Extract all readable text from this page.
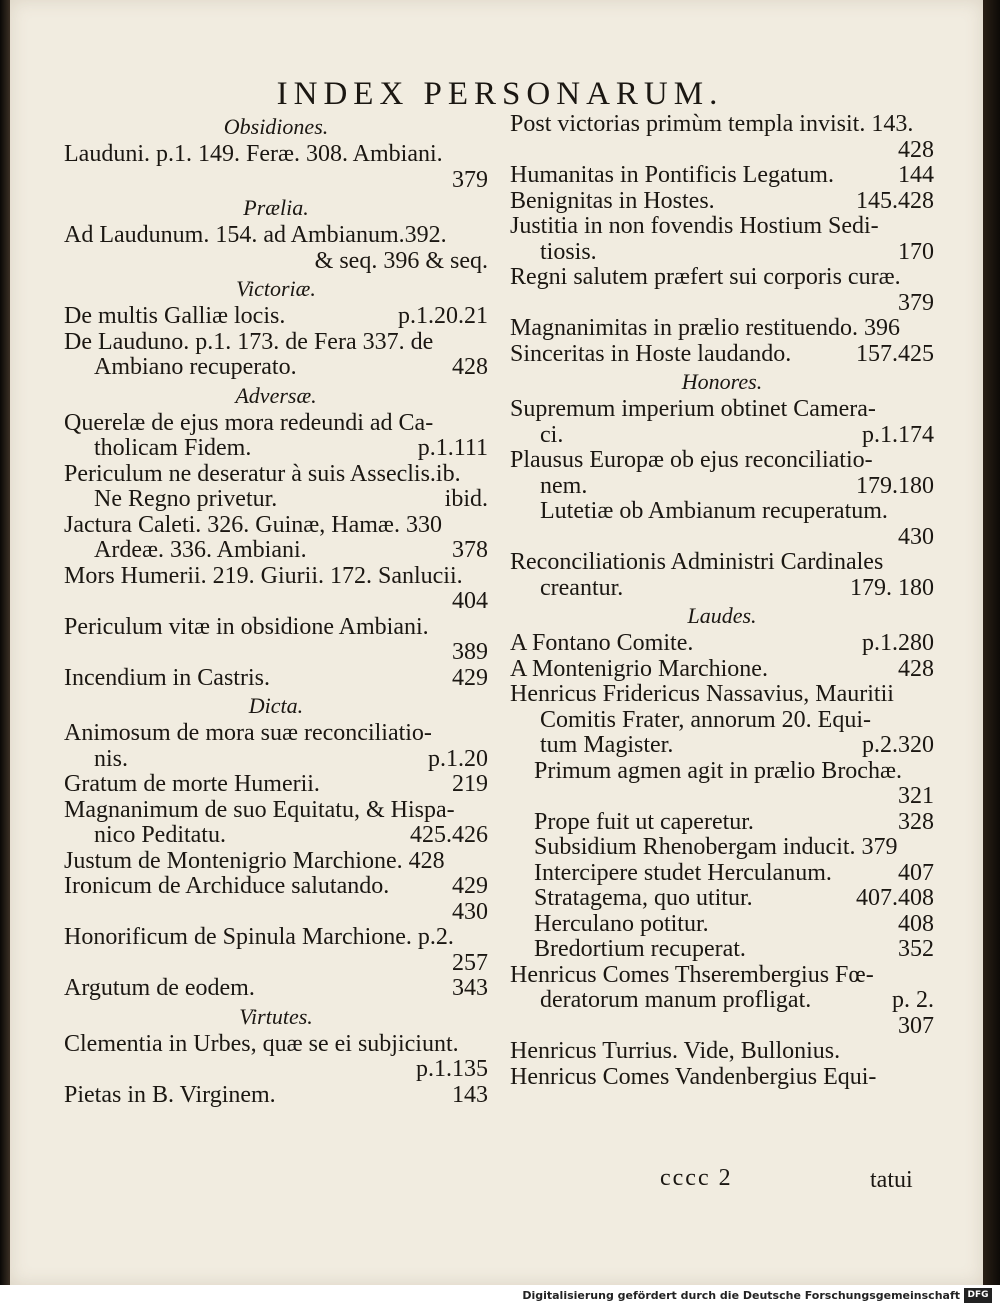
INDEX PERSONARUM.
Obsidiones.
Lauduni. p.1. 149. Feræ. 308. Ambiani.
379
Prælia.
Ad Laudunum. 154. ad Ambianum.392.
& seq. 396 & seq.
Victoriæ.
De multis Galliæ locis.	p.1.20.21
De Lauduno. p.1. 173. de Fera 337. de
Ambiano recuperato.	428
Adversæ.
Querelæ de ejus mora redeundi ad Ca-
tholicam Fidem.	p.1.111
Periculum ne deseratur à suis Asseclis.ib.
Ne Regno privetur.	ibid.
Jactura Caleti. 326. Guinæ, Hamæ. 330
Ardeæ. 336. Ambiani.	378
Mors Humerii. 219. Giurii. 172. Sanlucii.
404
Periculum vitæ in obsidione Ambiani.
389
Incendium in Castris.	429
Dicta.
Animosum de mora suæ reconciliatio-
nis.	p.1.20
Gratum de morte Humerii.	219
Magnanimum de suo Equitatu, & Hispa-
nico Peditatu.	425.426
Justum de Montenigrio Marchione. 428
Ironicum de Archiduce salutando.	429
430
Honorificum de Spinula Marchione. p.2.
257
Argutum de eodem.	343
Virtutes.
Clementia in Urbes, quæ se ei subjiciunt.
p.1.135
Pietas in B. Virginem.	143
Post victorias primùm templa invisit. 143.
428
Humanitas in Pontificis Legatum.	144
Benignitas in Hostes.	145.428
Justitia in non fovendis Hostium Sedi-
tiosis.	170
Regni salutem præfert sui corporis curæ.
379
Magnanimitas in prælio restituendo. 396
Sinceritas in Hoste laudando.	157.425
Honores.
Supremum imperium obtinet Camera-
ci.	p.1.174
Plausus Europæ ob ejus reconciliatio-
nem.	179.180
Lutetiæ ob Ambianum recuperatum.
430
Reconciliationis Administri Cardinales
creantur.	179. 180
Laudes.
A Fontano Comite.	p.1.280
A Montenigrio Marchione.	428
Henricus Fridericus Nassavius, Mauritii
Comitis Frater, annorum 20. Equi-
tum Magister.	p.2.320
Primum agmen agit in prælio Brochæ.
321
Prope fuit ut caperetur.	328
Subsidium Rhenobergam inducit. 379
Intercipere studet Herculanum.	407
Stratagema, quo utitur.	407.408
Herculano potitur.	408
Bredortium recuperat.	352
Henricus Comes Thserembergius Fœ-
deratorum manum profligat.	p. 2.
307
Henricus Turrius. Vide, Bullonius.
Henricus Comes Vandenbergius Equi-
cccc 2	tatui
Digitalisierung gefördert durch die Deutsche Forschungsgemeinschaft DFG
